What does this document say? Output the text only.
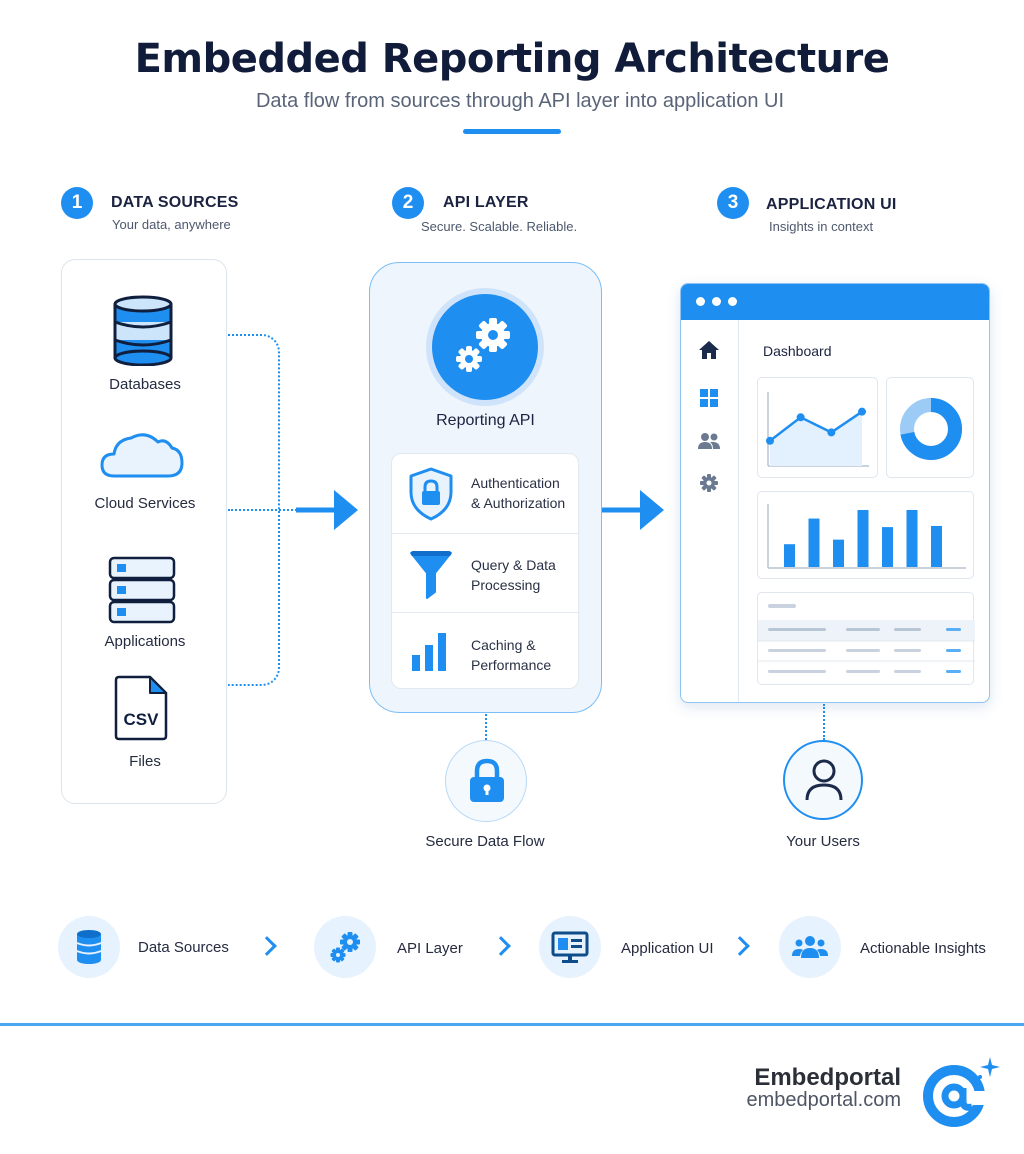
Embedded Reporting Architecture
Data flow from sources through API layer into application UI
1	DATA SOURCES
Your data, anywhere
2	API LAYER
Secure. Scalable. Reliable.
3	APPLICATION UI
Insights in context
Databases
Cloud Services
Applications
CSV
Files
Reporting API
Authentication
& Authorization
Query & Data
Processing
Caching &
Performance
Dashboard
Secure Data Flow	Your Users
Data Sources	API Layer	Application UI	Actionable Insights
Embedportal
embedportal.com
